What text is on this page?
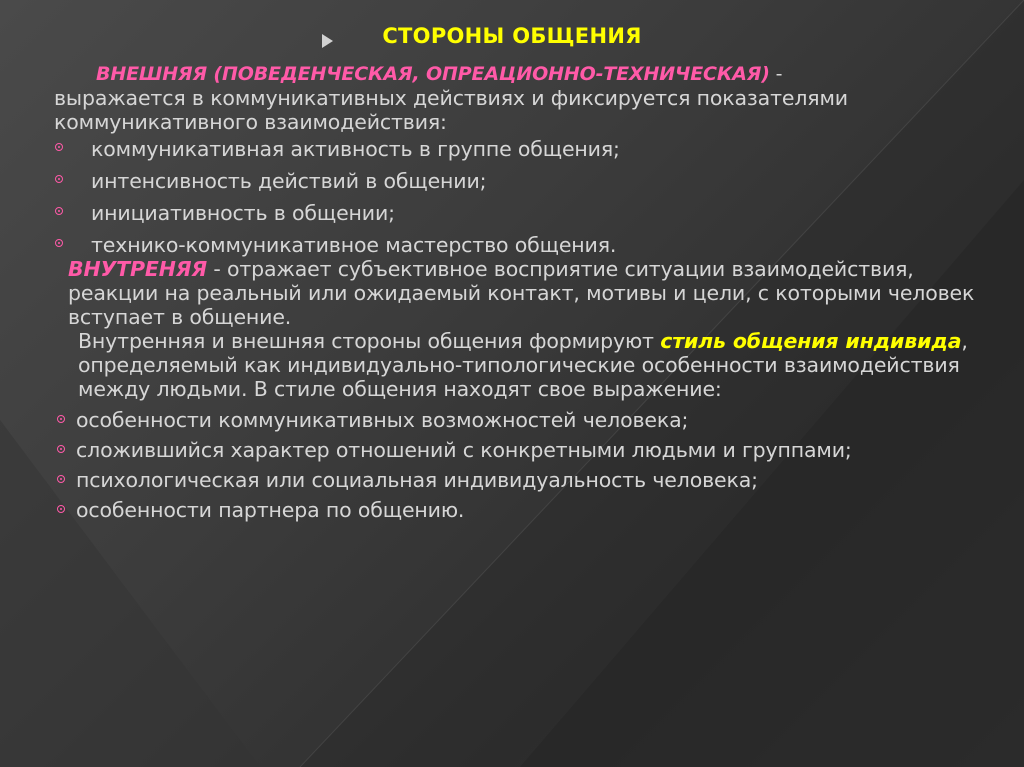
СТОРОНЫ ОБЩЕНИЯ

ВНЕШНЯЯ (ПОВЕДЕНЧЕСКАЯ, ОПРЕАЦИОННО-ТЕХНИЧЕСКАЯ) -

выражается в коммуникативных действиях и фиксируется показателями коммуникативного взаимодействия:

коммуникативная активность в группе общения;
интенсивность действий в общении;
инициативность в общении;
технико-коммуникативное мастерство общения.

ВНУТРЕНЯЯ - отражает субъективное восприятие ситуации взаимодействия, реакции на реальный или ожидаемый контакт, мотивы и цели, с которыми человек вступает в общение.

Внутренняя и внешняя стороны общения формируют стиль общения индивида, определяемый как индивидуально-типологические особенности взаимодействия между людьми. В стиле общения находят свое выражение:

особенности коммуникативных возможностей человека;
сложившийся характер отношений с конкретными людьми и группами;
психологическая или социальная индивидуальность человека;
особенности партнера по общению.
